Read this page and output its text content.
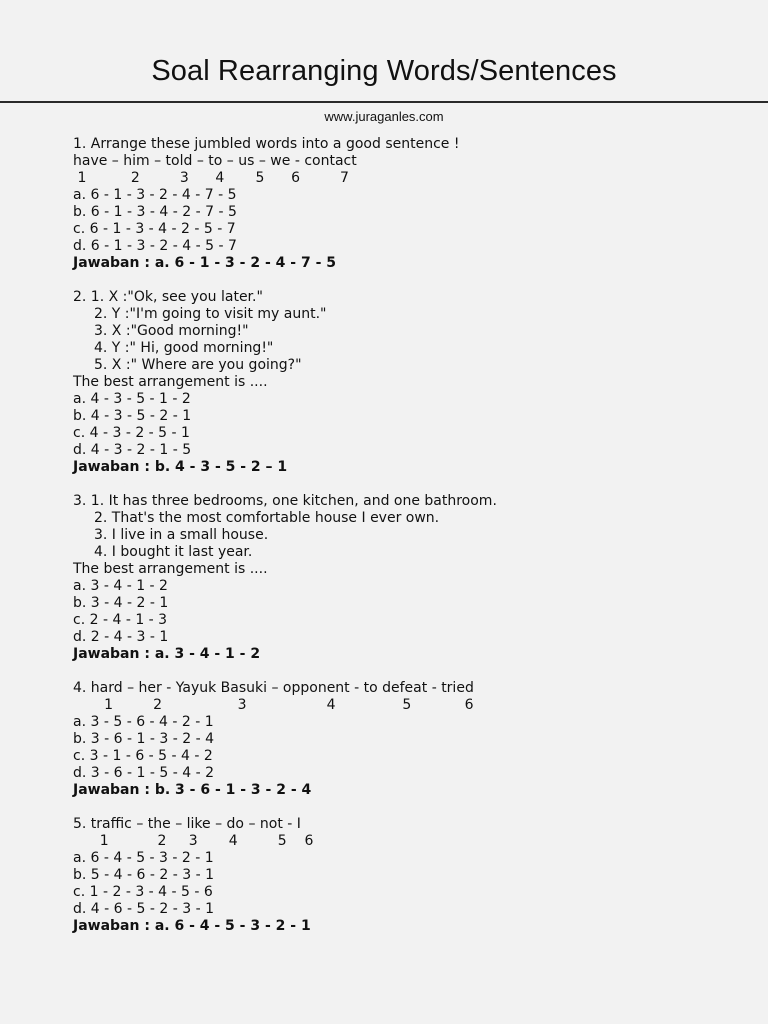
Soal Rearranging Words/Sentences
www.juraganles.com
1. Arrange these jumbled words into a good sentence !
have – him – told – to – us – we - contact
1          2         3      4       5      6         7
a. 6 - 1 - 3 - 2 - 4 - 7 - 5
b. 6 - 1 - 3 - 4 - 2 - 7 - 5
c. 6 - 1 - 3 - 4 - 2 - 5 - 7
d. 6 - 1 - 3 - 2 - 4 - 5 - 7
Jawaban : a. 6 - 1 - 3 - 2 - 4 - 7 - 5
2. 1. X :"Ok, see you later."
2. Y :"I'm going to visit my aunt."
3. X :"Good morning!"
4. Y :" Hi, good morning!"
5. X :" Where are you going?"
The best arrangement is ....
a. 4 - 3 - 5 - 1 - 2
b. 4 - 3 - 5 - 2 - 1
c. 4 - 3 - 2 - 5 - 1
d. 4 - 3 - 2 - 1 - 5
Jawaban : b. 4 - 3 - 5 - 2 – 1
3. 1. It has three bedrooms, one kitchen, and one bathroom.
2. That's the most comfortable house I ever own.
3. I live in a small house.
4. I bought it last year.
The best arrangement is ....
a. 3 - 4 - 1 - 2
b. 3 - 4 - 2 - 1
c. 2 - 4 - 1 - 3
d. 2 - 4 - 3 - 1
Jawaban : a. 3 - 4 - 1 - 2
4. hard – her - Yayuk Basuki – opponent - to defeat - tried
1         2                 3                  4               5            6
a. 3 - 5 - 6 - 4 - 2 - 1
b. 3 - 6 - 1 - 3 - 2 - 4
c. 3 - 1 - 6 - 5 - 4 - 2
d. 3 - 6 - 1 - 5 - 4 - 2
Jawaban : b. 3 - 6 - 1 - 3 - 2 - 4
5. traffic – the – like – do – not - I
1           2     3       4         5    6
a. 6 - 4 - 5 - 3 - 2 - 1
b. 5 - 4 - 6 - 2 - 3 - 1
c. 1 - 2 - 3 - 4 - 5 - 6
d. 4 - 6 - 5 - 2 - 3 - 1
Jawaban : a. 6 - 4 - 5 - 3 - 2 - 1
